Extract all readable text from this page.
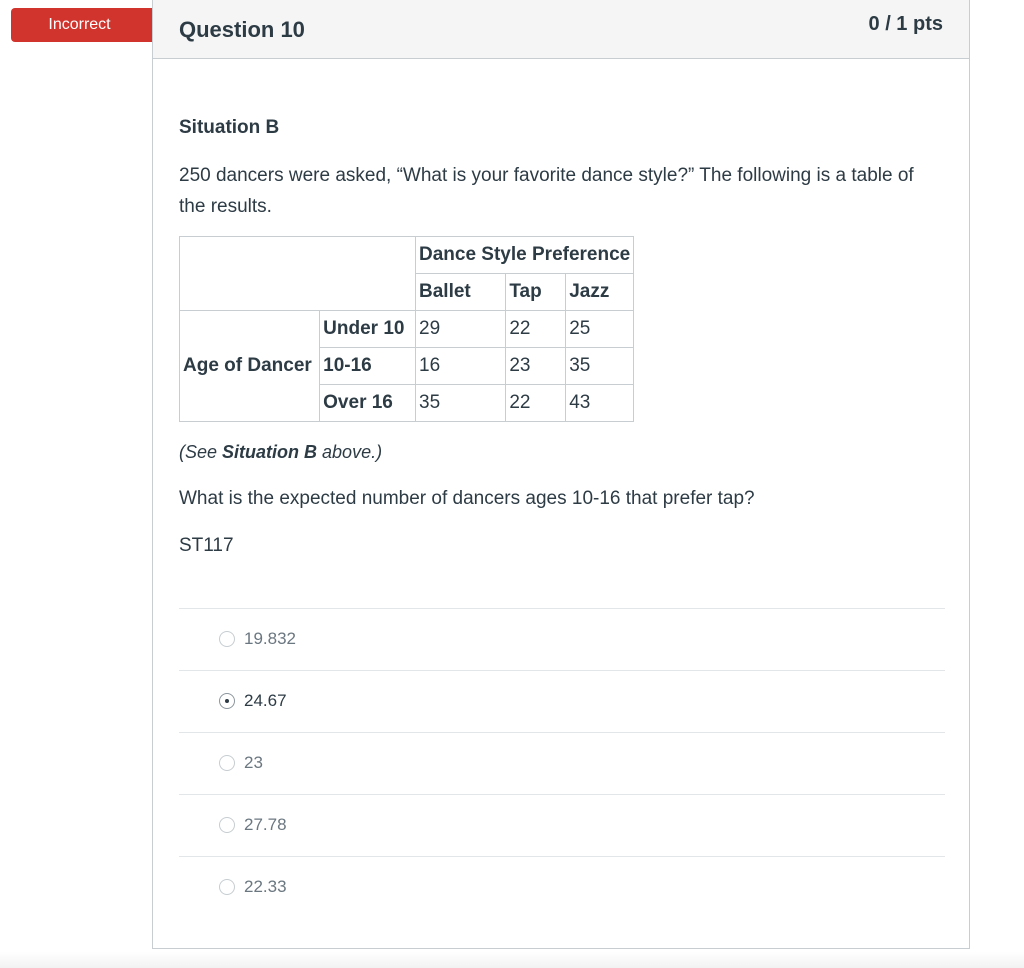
Incorrect	Question 10	0 / 1 pts
Situation B
250 dancers were asked, “What is your favorite dance style?” The following is a table of the results.
		Dance Style Preference		
		Ballet	Tap	Jazz
Age of Dancer	Under 10	29	22	25
	10-16	16	23	35
	Over 16	35	22	43
(See Situation B above.)
What is the expected number of dancers ages 10-16 that prefer tap?
ST117
19.832
24.67
23
27.78
22.33
